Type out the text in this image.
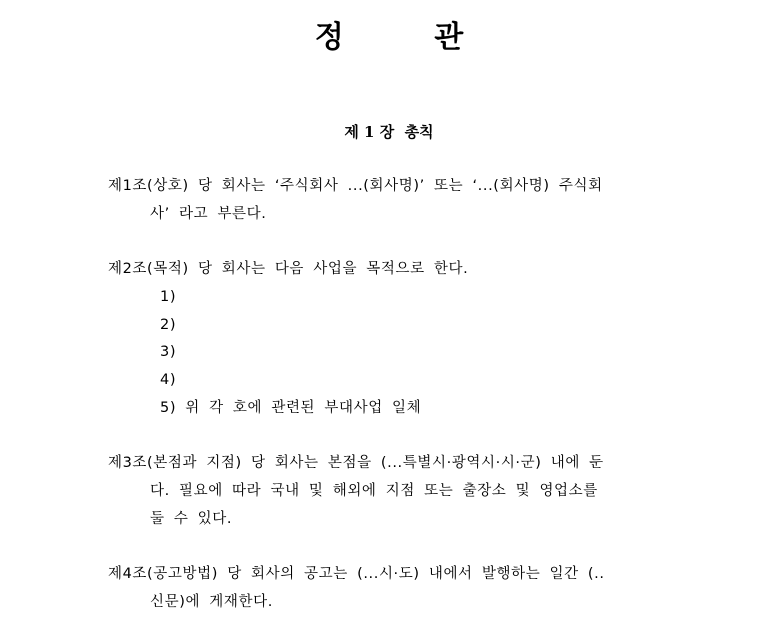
정 관
제 1 장  총칙
제1조(상호) 당 회사는 ‘주식회사 ...(회사명)’ 또는 ‘...(회사명) 주식회
사’ 라고 부른다.
제2조(목적) 당 회사는 다음 사업을 목적으로 한다.
1)
2)
3)
4)
5) 위 각 호에 관련된 부대사업 일체
제3조(본점과 지점) 당 회사는 본점을 (...특별시·광역시·시·군) 내에 둔
다. 필요에 따라 국내 및 해외에 지점 또는 출장소 및 영업소를
둘 수 있다.
제4조(공고방법) 당 회사의 공고는 (...시·도) 내에서 발행하는 일간 (..
신문)에 게재한다.
